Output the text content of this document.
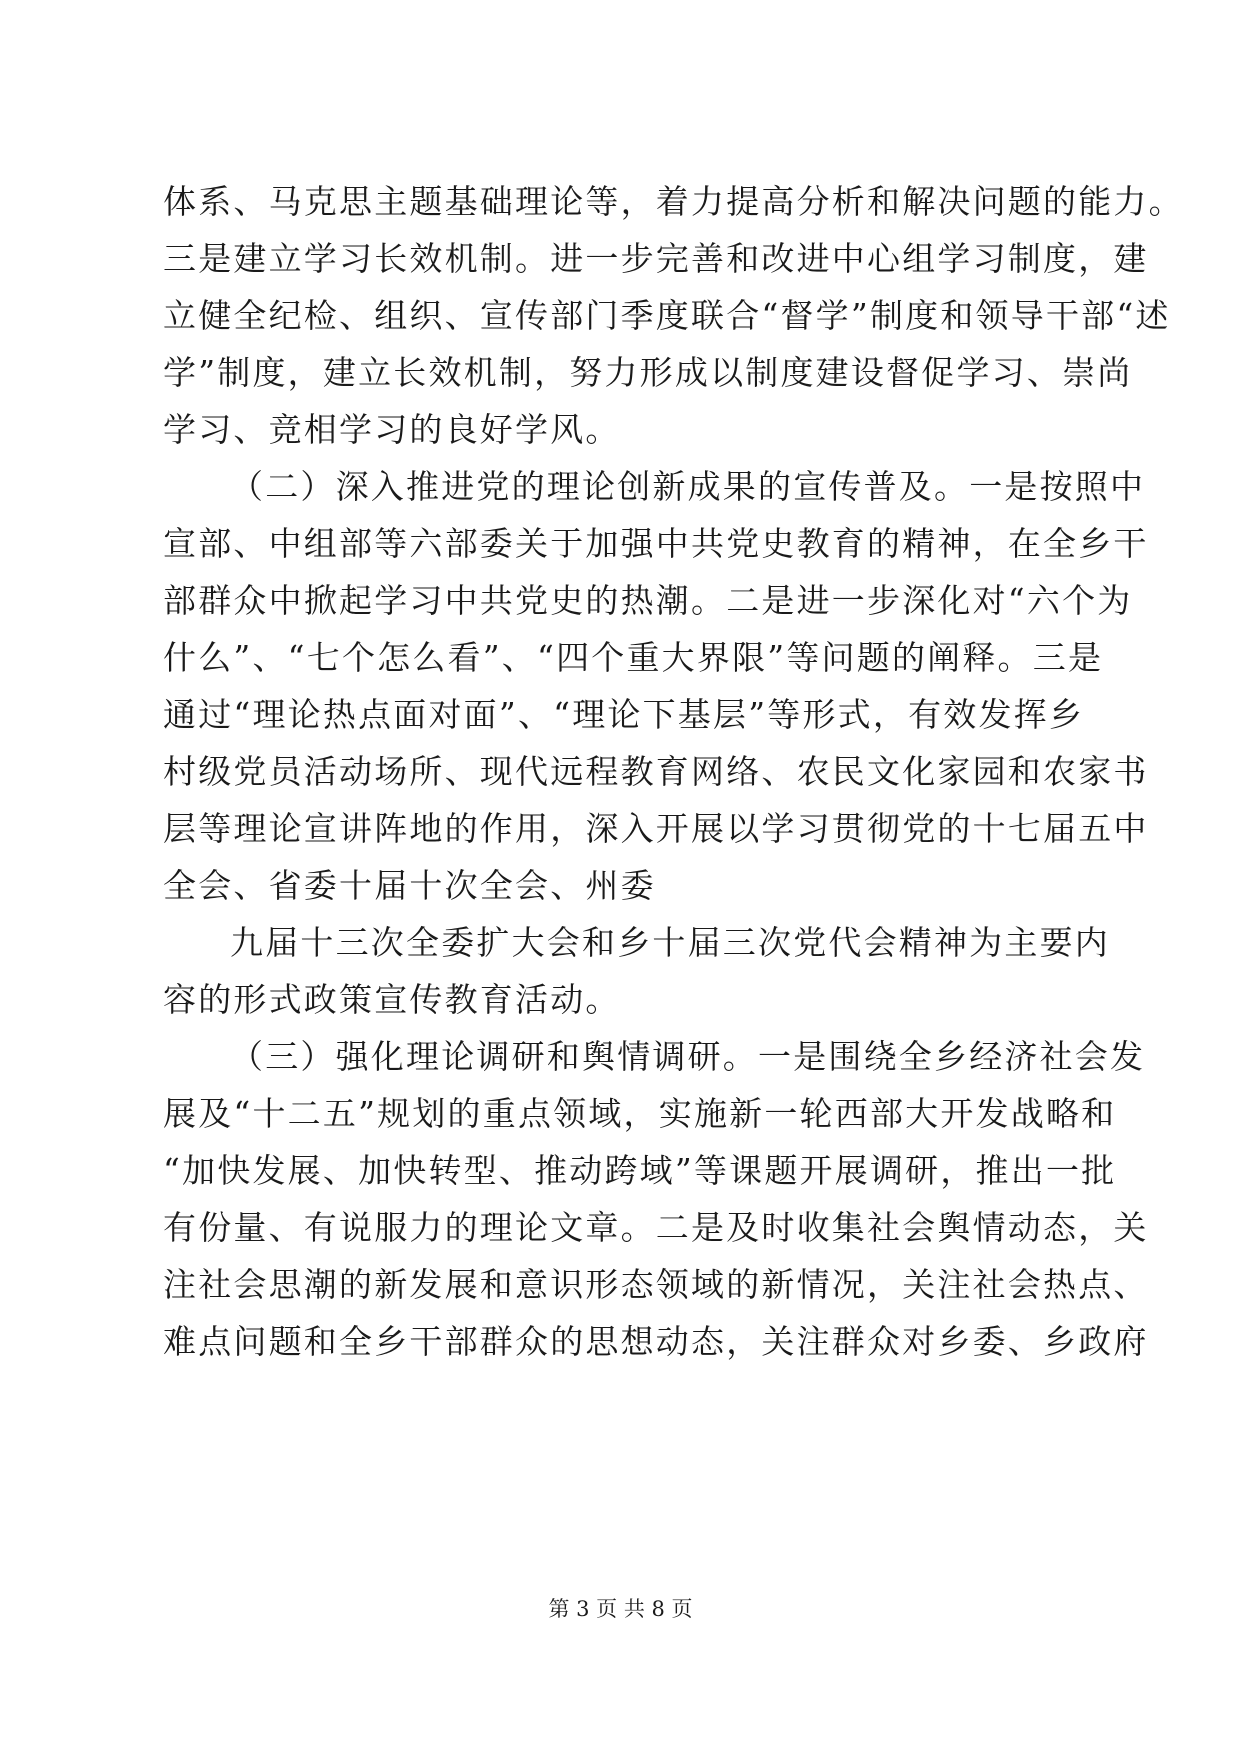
体系、马克思主题基础理论等，着力提高分析和解决问题的能力。
三是建立学习长效机制。进一步完善和改进中心组学习制度，建
立健全纪检、组织、宣传部门季度联合“督学”制度和领导干部“述
学”制度，建立长效机制，努力形成以制度建设督促学习、崇尚
学习、竞相学习的良好学风。
（二）深入推进党的理论创新成果的宣传普及。一是按照中
宣部、中组部等六部委关于加强中共党史教育的精神，在全乡干
部群众中掀起学习中共党史的热潮。二是进一步深化对“六个为
什么”、“七个怎么看”、“四个重大界限”等问题的阐释。三是
通过“理论热点面对面”、“理论下基层”等形式，有效发挥乡
村级党员活动场所、现代远程教育网络、农民文化家园和农家书
层等理论宣讲阵地的作用，深入开展以学习贯彻党的十七届五中
全会、省委十届十次全会、州委
九届十三次全委扩大会和乡十届三次党代会精神为主要内
容的形式政策宣传教育活动。
（三）强化理论调研和舆情调研。一是围绕全乡经济社会发
展及“十二五”规划的重点领域，实施新一轮西部大开发战略和
“加快发展、加快转型、推动跨域”等课题开展调研，推出一批
有份量、有说服力的理论文章。二是及时收集社会舆情动态，关
注社会思潮的新发展和意识形态领域的新情况，关注社会热点、
难点问题和全乡干部群众的思想动态，关注群众对乡委、乡政府
第 3 页 共 8 页
